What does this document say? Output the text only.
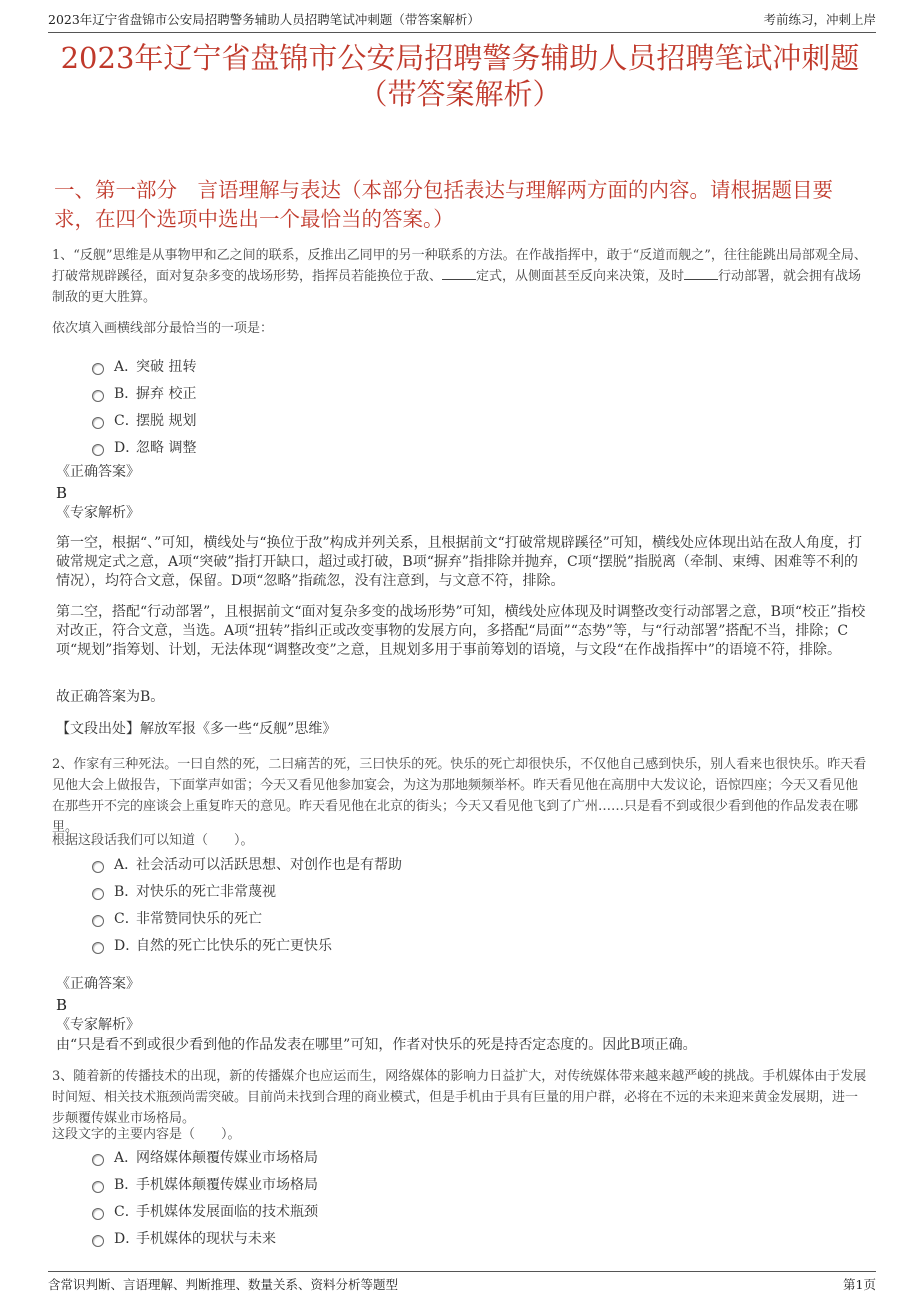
2023年辽宁省盘锦市公安局招聘警务辅助人员招聘笔试冲刺题（带答案解析）	考前练习，冲刺上岸
2023年辽宁省盘锦市公安局招聘警务辅助人员招聘笔试冲刺题
（带答案解析）
一、第一部分　言语理解与表达（本部分包括表达与理解两方面的内容。请根据题目要求，在四个选项中选出一个最恰当的答案。）

1、“反舰”思维是从事物甲和乙之间的联系，反推出乙同甲的另一种联系的方法。在作战指挥中，敢于“反道而舰之”，往往能跳出局部观全局、打破常规辟蹊径，面对复杂多变的战场形势，指挥员若能换位于敌、	定式，从侧面甚至反向来决策，及时	行动部署，就会拥有战场制敌的更大胜算。

依次填入画横线部分最恰当的一项是：

A．
突破 扭转
B．
摒弃 校正
C．
摆脱 规划
D．
忽略 调整

《正确答案》

B

《专家解析》

第一空，根据“、”可知，横线处与“换位于敌”构成并列关系，且根据前文“打破常规辟蹊径”可知，横线处应体现出站在敌人角度，打破常规定式之意，A项“突破”指打开缺口，超过或打破，B项“摒弃”指排除并抛弃，C项“摆脱”指脱离（牵制、束缚、困难等不利的情况），均符合文意，保留。D项“忽略”指疏忽，没有注意到，与文意不符，排除。

第二空，搭配“行动部署”，且根据前文“面对复杂多变的战场形势”可知，横线处应体现及时调整改变行动部署之意，B项“校正”指校对改正，符合文意，当选。A项“扭转”指纠正或改变事物的发展方向，多搭配“局面”“态势”等，与“行动部署”搭配不当，排除；C项“规划”指筹划、计划，无法体现“调整改变”之意，且规划多用于事前筹划的语境，与文段“在作战指挥中”的语境不符，排除。

故正确答案为B。

【文段出处】解放军报《多一些“反舰”思维》

2、作家有三种死法。一曰自然的死，二曰痛苦的死，三曰快乐的死。快乐的死亡却很快乐，不仅他自己感到快乐，别人看来也很快乐。昨天看见他大会上做报告，下面掌声如雷；今天又看见他参加宴会，为这为那地频频举杯。昨天看见他在高朋中大发议论，语惊四座；今天又看见他在那些开不完的座谈会上重复昨天的意见。昨天看见他在北京的街头；今天又看见他飞到了广州……只是看不到或很少看到他的作品发表在哪里。

根据这段话我们可以知道（　　）。

A．
社会活动可以活跃思想、对创作也是有帮助
B．
对快乐的死亡非常蔑视
C．
非常赞同快乐的死亡
D．
自然的死亡比快乐的死亡更快乐

《正确答案》

B

《专家解析》

由“只是看不到或很少看到他的作品发表在哪里”可知，作者对快乐的死是持否定态度的。因此B项正确。

3、随着新的传播技术的出现，新的传播媒介也应运而生，网络媒体的影响力日益扩大，对传统媒体带来越来越严峻的挑战。手机媒体由于发展时间短、相关技术瓶颈尚需突破。目前尚未找到合理的商业模式，但是手机由于具有巨量的用户群，必将在不远的未来迎来黄金发展期，进一步颠覆传媒业市场格局。

这段文字的主要内容是（　　）。

A．
网络媒体颠覆传媒业市场格局
B．
手机媒体颠覆传媒业市场格局
C．
手机媒体发展面临的技术瓶颈
D．
手机媒体的现状与未来
含常识判断、言语理解、判断推理、数量关系、资料分析等题型	第1页
